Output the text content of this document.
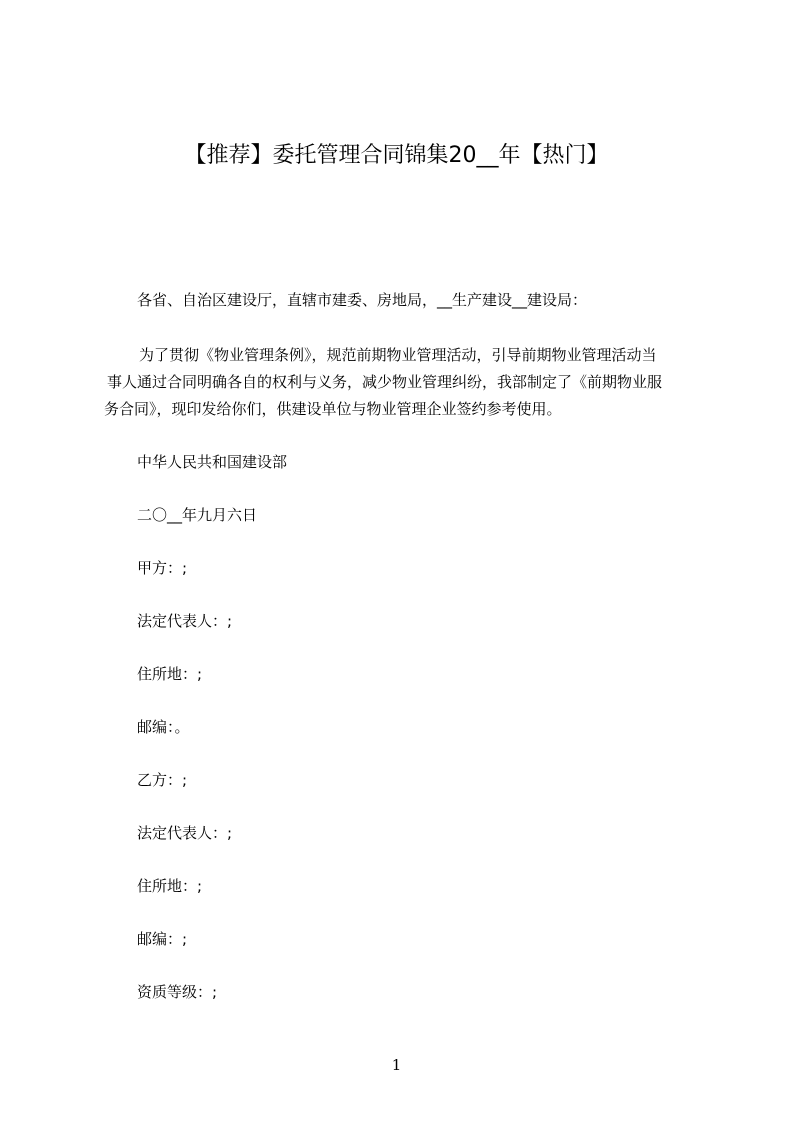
【推荐】委托管理合同锦集20__年【热门】

各省、自治区建设厅，直辖市建委、房地局，__生产建设__建设局：

为了贯彻《物业管理条例》，规范前期物业管理活动，引导前期物业管理活动当
事人通过合同明确各自的权利与义务，减少物业管理纠纷，我部制定了《前期物业服
务合同》，现印发给你们，供建设单位与物业管理企业签约参考使用。

中华人民共和国建设部

二〇__年九月六日

甲方：;

法定代表人：;

住所地：;

邮编：。

乙方：;

法定代表人：;

住所地：;

邮编：;

资质等级：;

1
